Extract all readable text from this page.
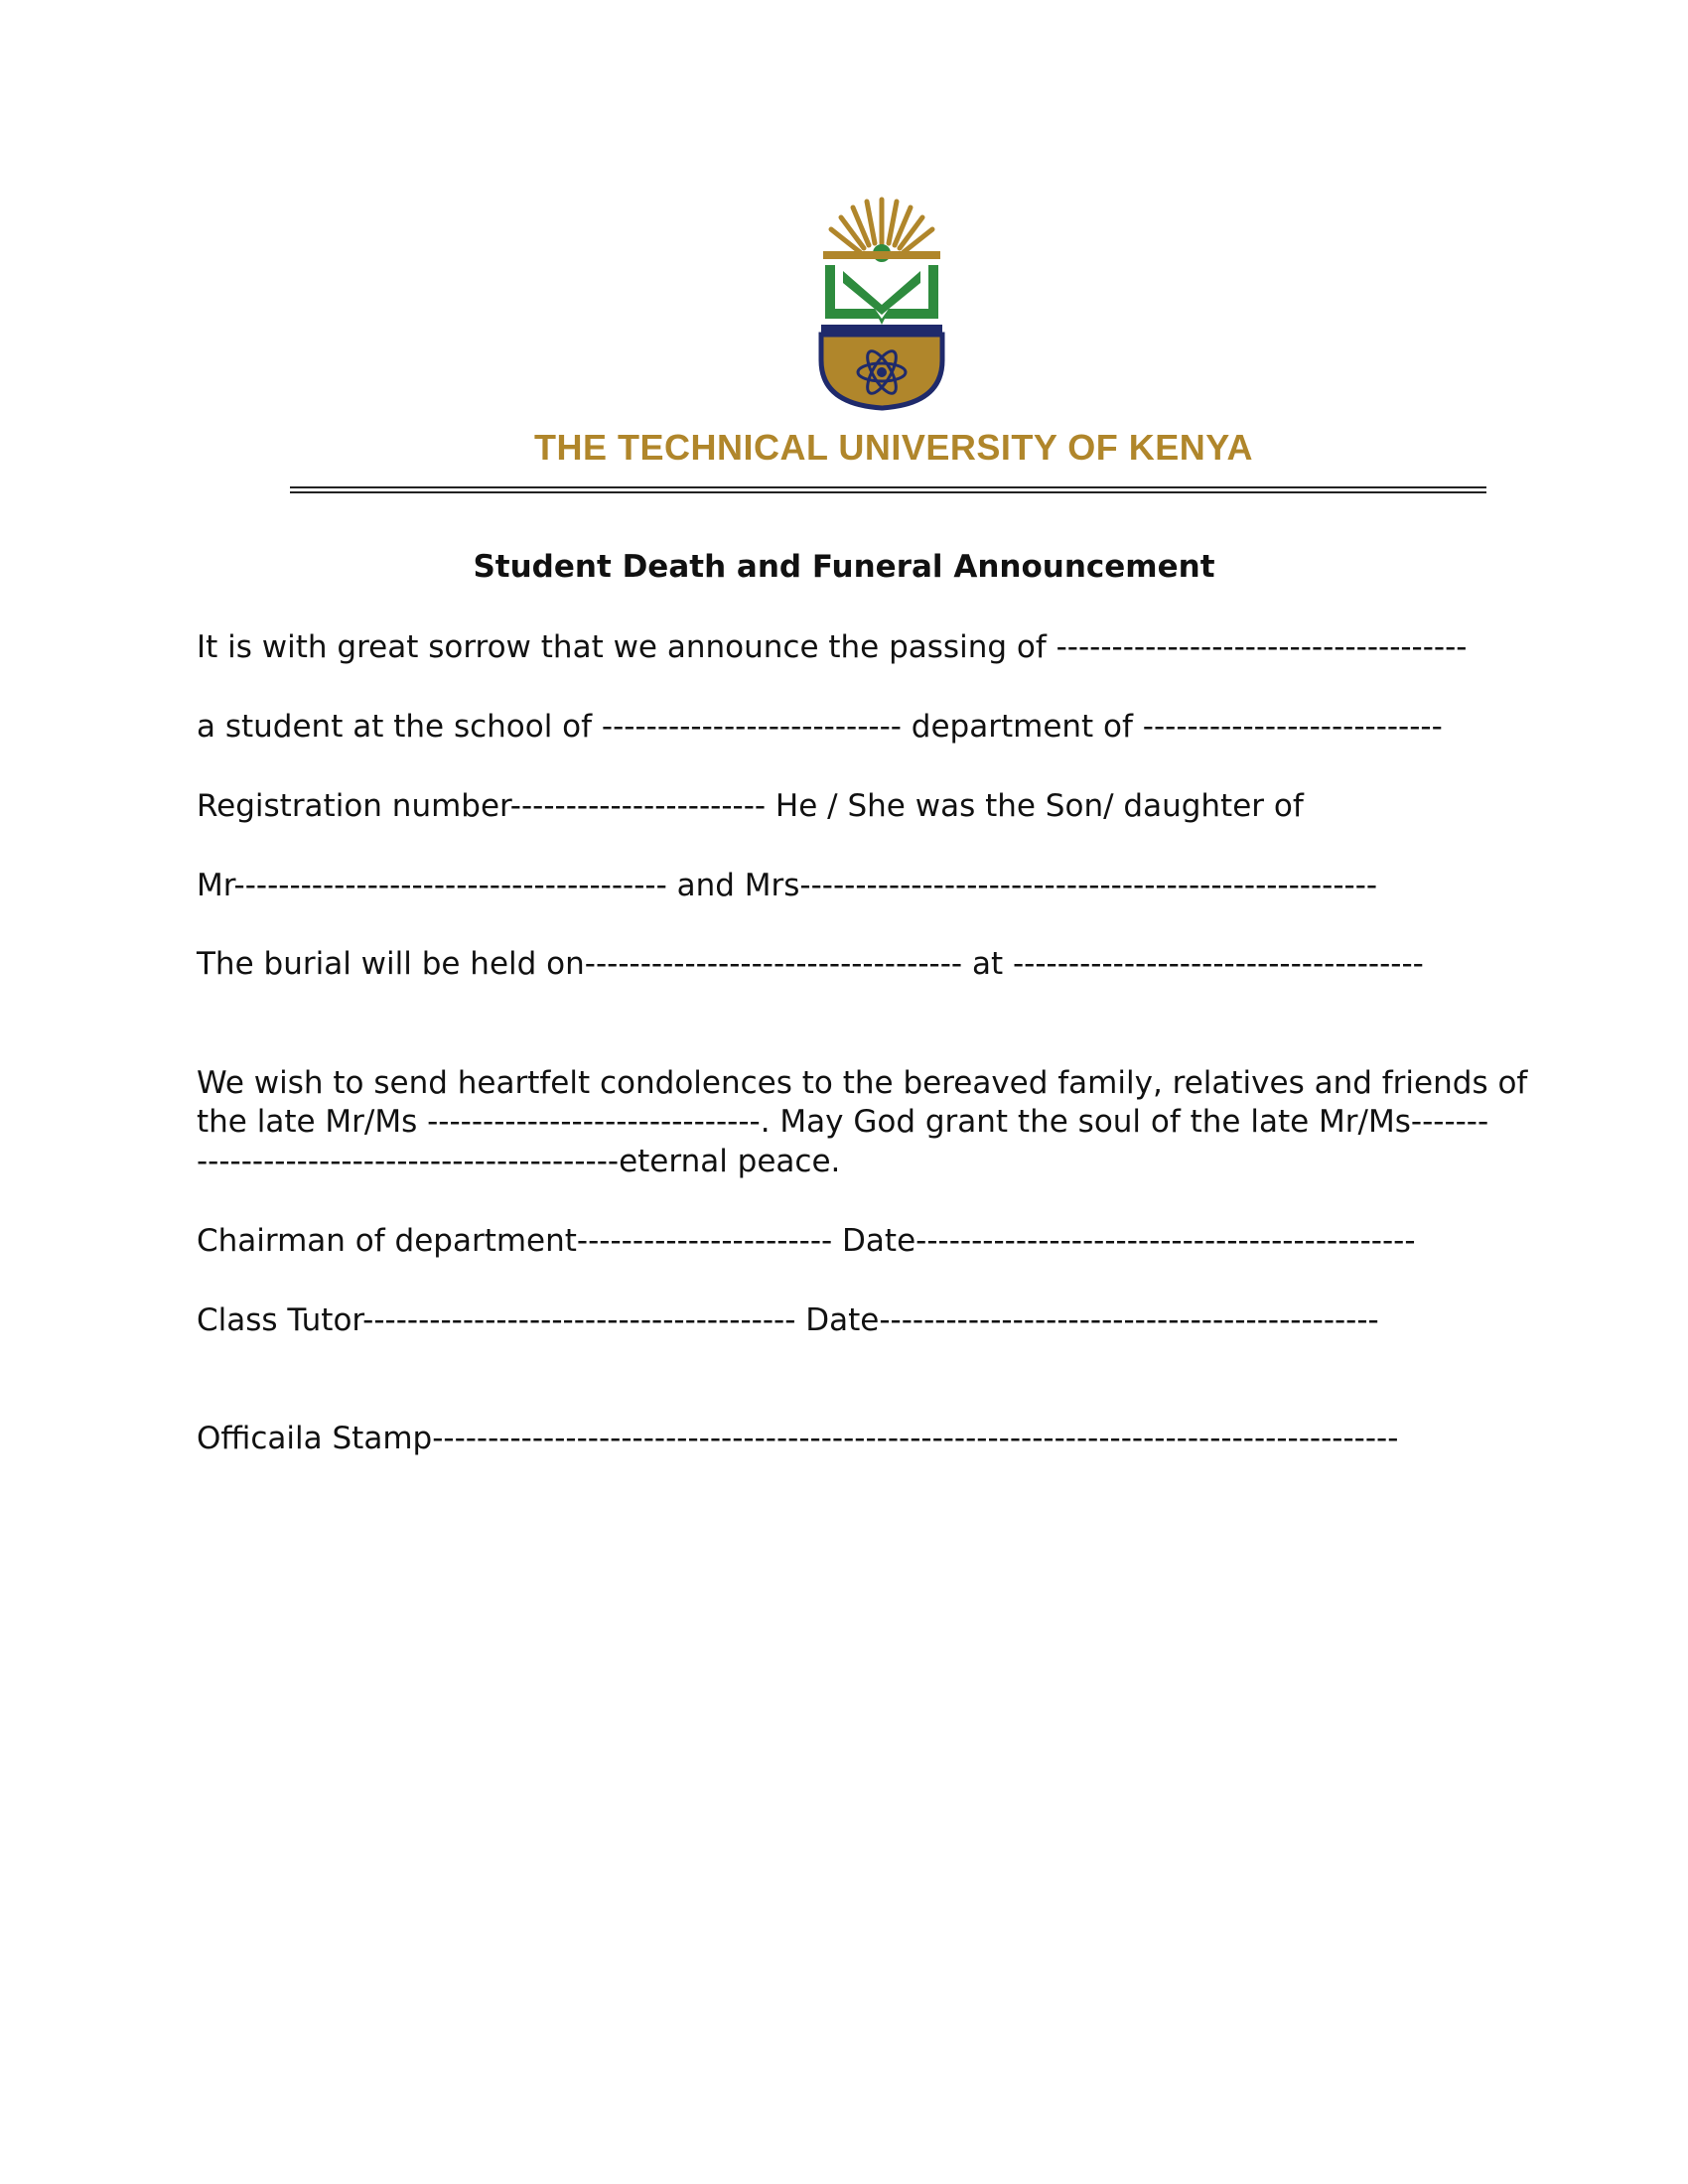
THE TECHNICAL UNIVERSITY OF KENYA
Student Death and Funeral Announcement

It is with great sorrow that we announce the passing of -------------------------------------

a student at the school of --------------------------- department of ---------------------------

Registration number----------------------- He / She was the Son/ daughter of

Mr--------------------------------------- and Mrs----------------------------------------------------

The burial will be held on---------------------------------- at -------------------------------------

We wish to send heartfelt condolences to the bereaved family, relatives and friends of

the late Mr/Ms ------------------------------. May God grant the soul of the late Mr/Ms-------

--------------------------------------eternal peace.

Chairman of department----------------------- Date---------------------------------------------

Class Tutor--------------------------------------- Date---------------------------------------------

Officaila Stamp---------------------------------------------------------------------------------------
